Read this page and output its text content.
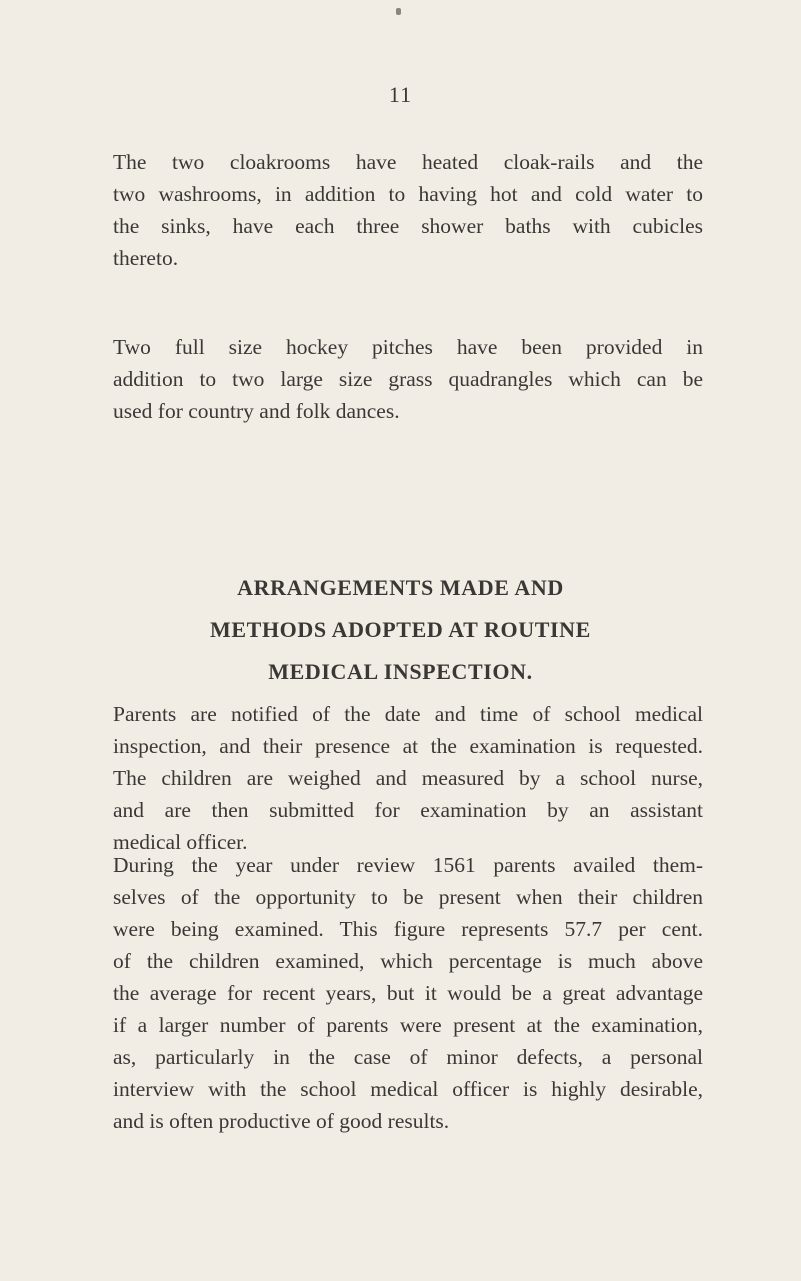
11

The two cloakrooms have heated cloak-rails and the
two washrooms, in addition to having hot and cold water to
the sinks, have each three shower baths with cubicles
thereto.

Two full size hockey pitches have been provided in
addition to two large size grass quadrangles which can be
used for country and folk dances.

ARRANGEMENTS MADE AND
METHODS ADOPTED AT ROUTINE
MEDICAL INSPECTION.

Parents are notified of the date and time of school medical
inspection, and their presence at the examination is requested.
The children are weighed and measured by a school nurse,
and are then submitted for examination by an assistant
medical officer.

During the year under review 1561 parents availed them-
selves of the opportunity to be present when their children
were being examined. This figure represents 57.7 per cent.
of the children examined, which percentage is much above
the average for recent years, but it would be a great advantage
if a larger number of parents were present at the examination,
as, particularly in the case of minor defects, a personal
interview with the school medical officer is highly desirable,
and is often productive of good results.
